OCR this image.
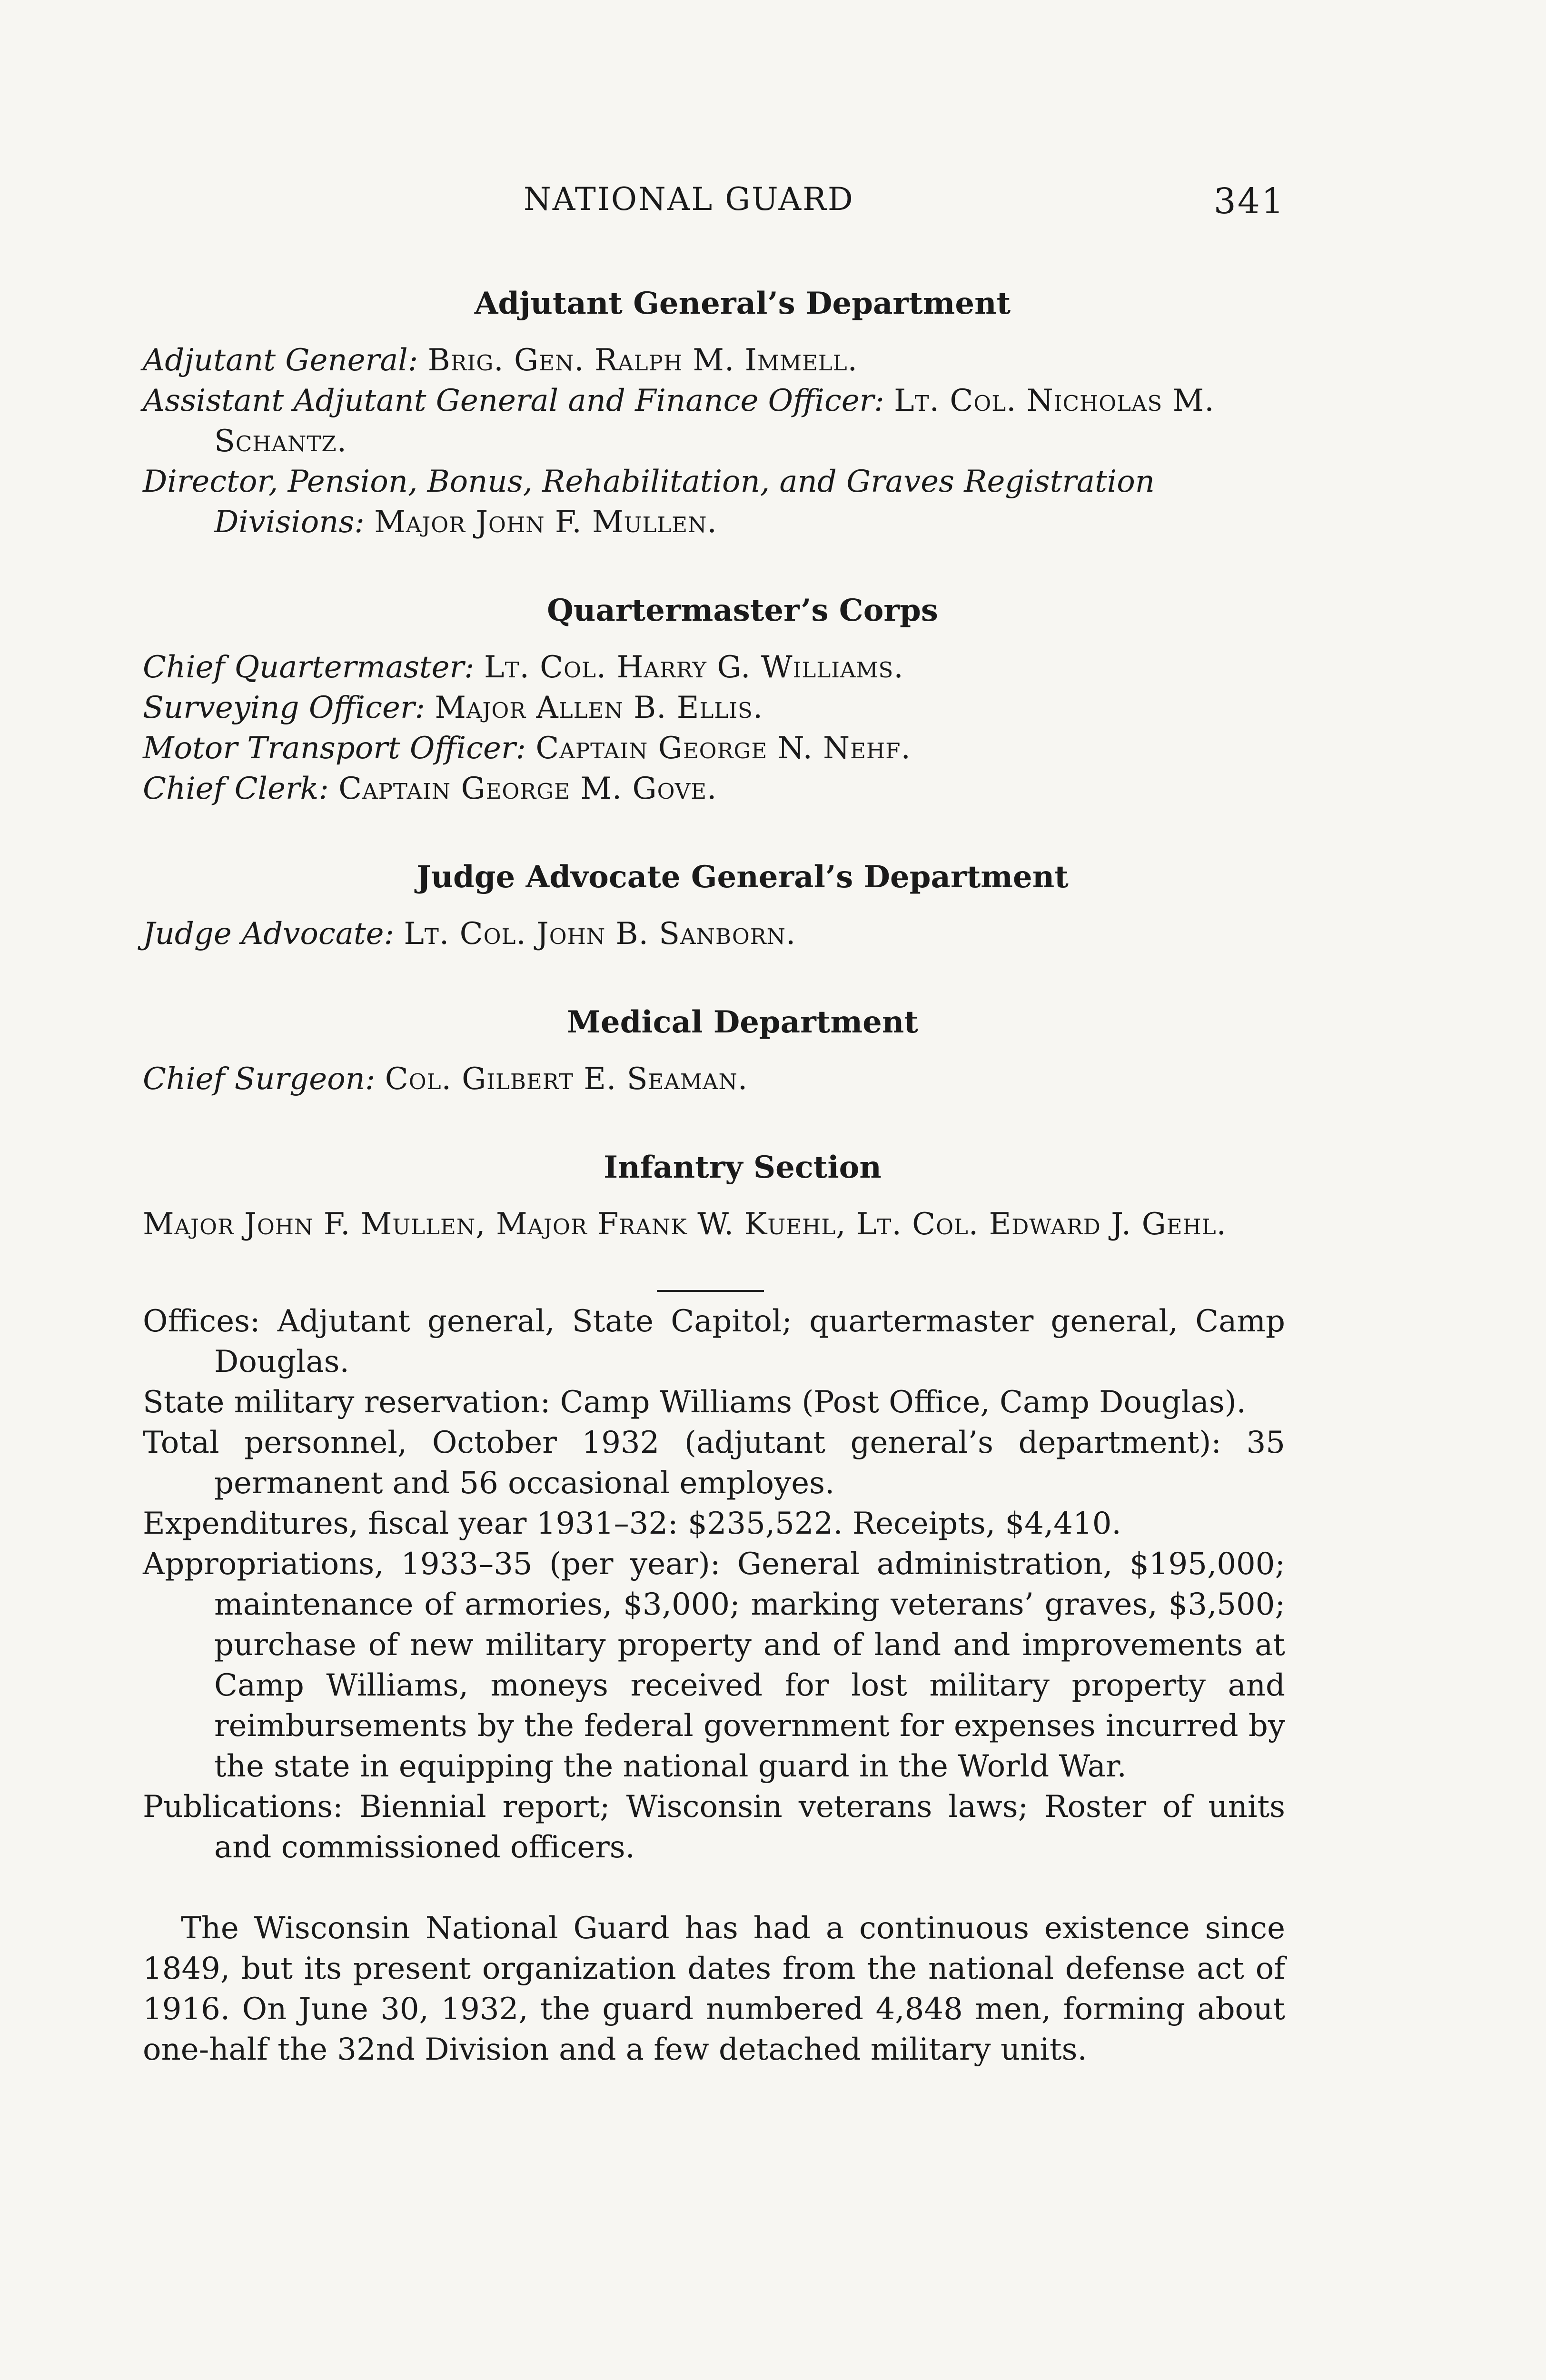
NATIONAL GUARD	341
Adjutant General’s Department

Adjutant General: Brig. Gen. Ralph M. Immell.

Assistant Adjutant General and Finance Officer: Lt. Col. Nicholas M. Schantz.

Director, Pension, Bonus, Rehabilitation, and Graves Registration Divisions: Major John F. Mullen.

Quartermaster’s Corps

Chief Quartermaster: Lt. Col. Harry G. Williams.

Surveying Officer: Major Allen B. Ellis.

Motor Transport Officer: Captain George N. Nehf.

Chief Clerk: Captain George M. Gove.

Judge Advocate General’s Department

Judge Advocate: Lt. Col. John B. Sanborn.

Medical Department

Chief Surgeon: Col. Gilbert E. Seaman.

Infantry Section

Major John F. Mullen, Major Frank W. Kuehl, Lt. Col. Edward J. Gehl.

Offices: Adjutant general, State Capitol; quartermaster general, Camp Douglas.

State military reservation: Camp Williams (Post Office, Camp Douglas).

Total personnel, October 1932 (adjutant general’s department): 35 permanent and 56 occasional employes.

Expenditures, fiscal year 1931–32: $235,522. Receipts, $4,410.

Appropriations, 1933–35 (per year): General administration, $195,000; maintenance of armories, $3,000; marking veterans’ graves, $3,500; purchase of new military property and of land and improvements at Camp Williams, moneys received for lost military property and reimbursements by the federal government for expenses incurred by the state in equipping the national guard in the World War.

Publications: Biennial report; Wisconsin veterans laws; Roster of units and commissioned officers.

The Wisconsin National Guard has had a continuous existence since 1849, but its present organization dates from the national defense act of 1916. On June 30, 1932, the guard numbered 4,848 men, forming about one-half the 32nd Division and a few detached military units.
